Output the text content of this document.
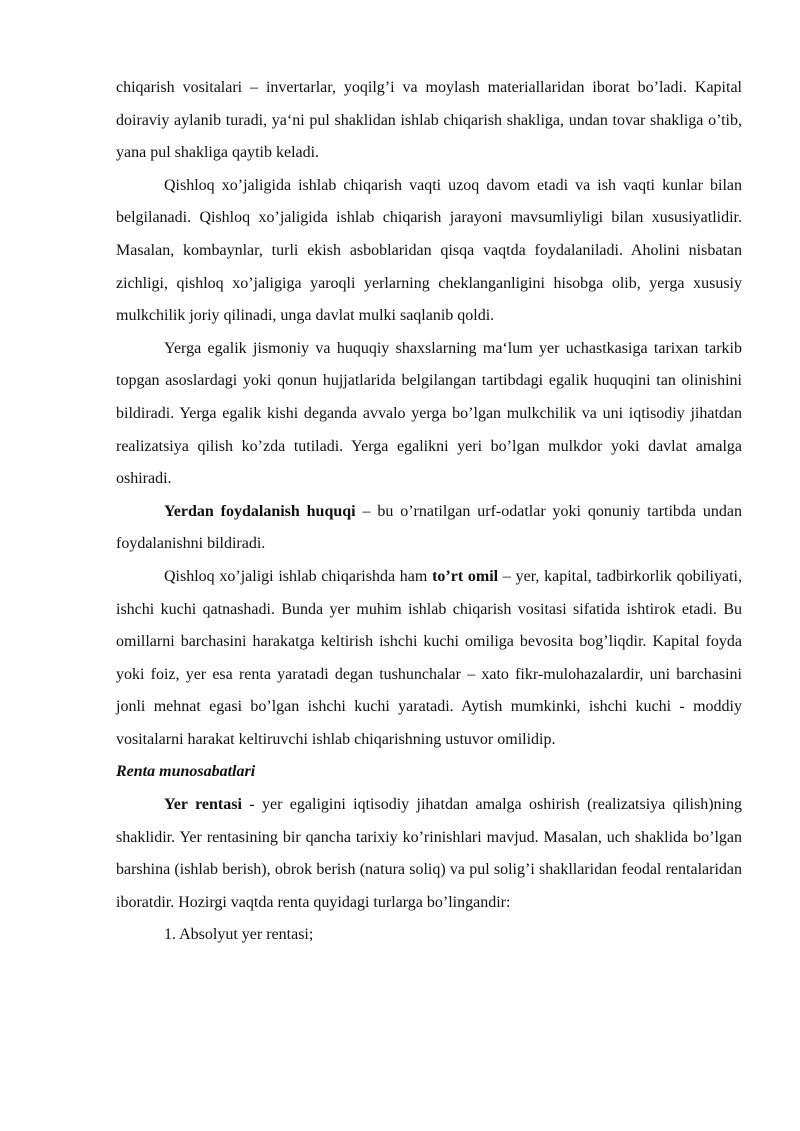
chiqarish vositalari – invertarlar, yoqilg’i va moylash materiallaridan iborat bo’ladi. Kapital doiraviy aylanib turadi, ya‘ni pul shaklidan ishlab chiqarish shakliga, undan tovar shakliga o’tib, yana pul shakliga qaytib keladi.

Qishloq xo’jaligida ishlab chiqarish vaqti uzoq davom etadi va ish vaqti kunlar bilan belgilanadi. Qishloq xo’jaligida ishlab chiqarish jarayoni mavsumliyligi bilan xususiyatlidir. Masalan, kombaynlar, turli ekish asboblaridan qisqa vaqtda foydalaniladi. Aholini nisbatan zichligi, qishloq xo’jaligiga yaroqli yerlarning cheklanganligini hisobga olib, yerga xususiy mulkchilik joriy qilinadi, unga davlat mulki saqlanib qoldi.

Yerga egalik jismoniy va huquqiy shaxslarning ma‘lum yer uchastkasiga tarixan tarkib topgan asoslardagi yoki qonun hujjatlarida belgilangan tartibdagi egalik huquqini tan olinishini bildiradi. Yerga egalik kishi deganda avvalo yerga bo’lgan mulkchilik va uni iqtisodiy jihatdan realizatsiya qilish ko’zda tutiladi. Yerga egalikni yeri bo’lgan mulkdor yoki davlat amalga oshiradi.

Yerdan foydalanish huquqi – bu o’rnatilgan urf-odatlar yoki qonuniy tartibda undan foydalanishni bildiradi.

Qishloq xo’jaligi ishlab chiqarishda ham to’rt omil – yer, kapital, tadbirkorlik qobiliyati, ishchi kuchi qatnashadi. Bunda yer muhim ishlab chiqarish vositasi sifatida ishtirok etadi. Bu omillarni barchasini harakatga keltirish ishchi kuchi omiliga bevosita bog’liqdir. Kapital foyda yoki foiz, yer esa renta yaratadi degan tushunchalar – xato fikr-mulohazalardir, uni barchasini jonli mehnat egasi bo’lgan ishchi kuchi yaratadi. Aytish mumkinki, ishchi kuchi - moddiy vositalarni harakat keltiruvchi ishlab chiqarishning ustuvor omilidip.

Renta munosabatlari

Yer rentasi - yer egaligini iqtisodiy jihatdan amalga oshirish (realizatsiya qilish)ning shaklidir. Yer rentasining bir qancha tarixiy ko’rinishlari mavjud. Masalan, uch shaklida bo’lgan barshina (ishlab berish), obrok berish (natura soliq) va pul solig’i shakllaridan feodal rentalaridan iboratdir. Hozirgi vaqtda renta quyidagi turlarga bo’lingandir:

1. Absolyut yer rentasi;
